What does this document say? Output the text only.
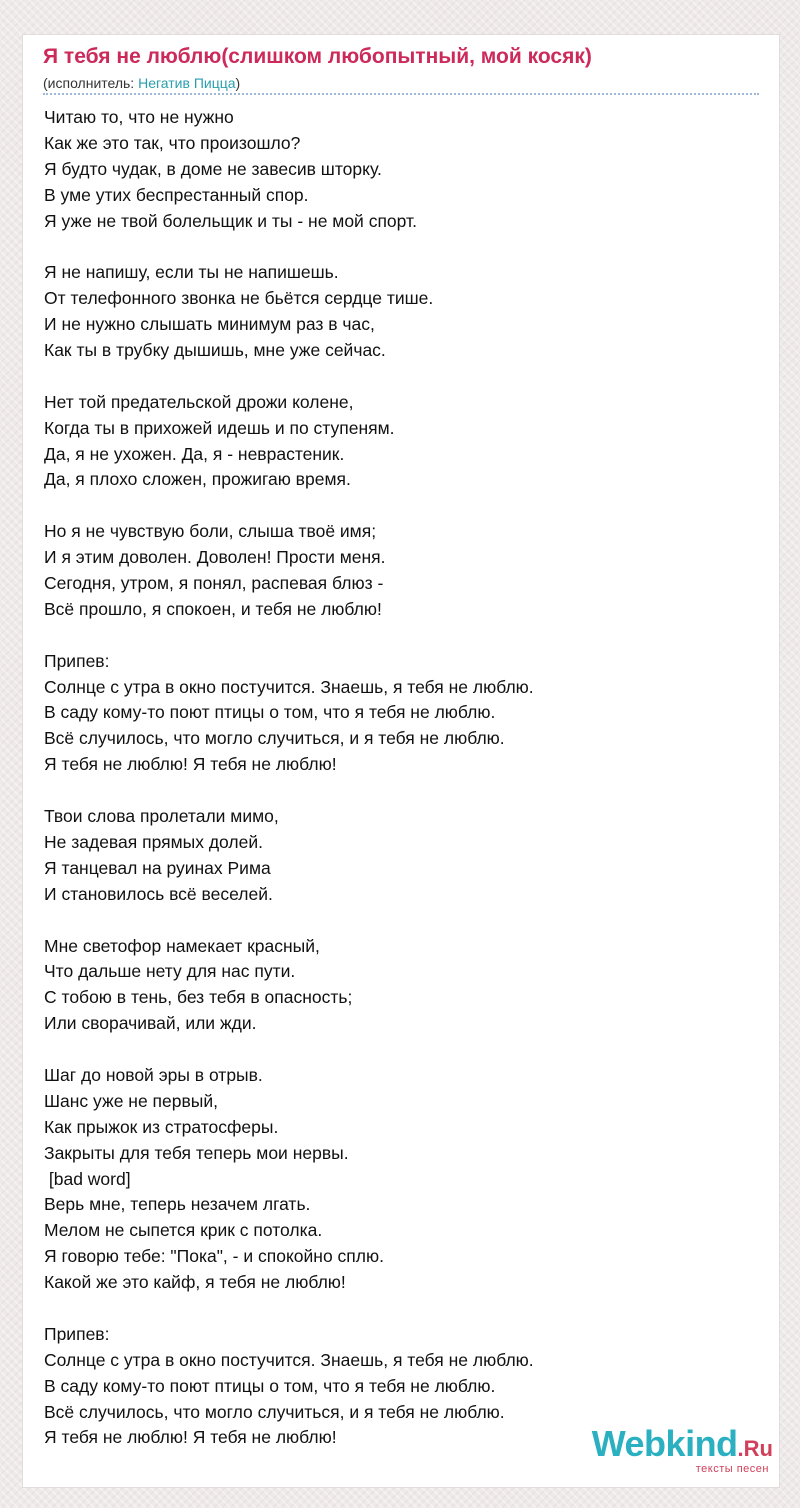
Я тебя не люблю(слишком любопытный, мой косяк)
(исполнитель: Негатив Пицца)
Читаю то, что не нужно
Как же это так, что произошло?
Я будто чудак, в доме не завесив шторку.
В уме утих беспрестанный спор.
Я уже не твой болельщик и ты - не мой спорт.
Я не напишу, если ты не напишешь.
От телефонного звонка не бьётся сердце тише.
И не нужно слышать минимум раз в час,
Как ты в трубку дышишь, мне уже сейчас.
Нет той предательской дрожи колене,
Когда ты в прихожей идешь и по ступеням.
Да, я не ухожен. Да, я - неврастеник.
Да, я плохо сложен, прожигаю время.
Но я не чувствую боли, слыша твоё имя;
И я этим доволен. Доволен! Прости меня.
Сегодня, утром, я понял, распевая блюз -
Всё прошло, я спокоен, и тебя не люблю!
Припев:
Солнце с утра в окно постучится. Знаешь, я тебя не люблю.
В саду кому-то поют птицы о том, что я тебя не люблю.
Всё случилось, что могло случиться, и я тебя не люблю.
Я тебя не люблю! Я тебя не люблю!
Твои слова пролетали мимо,
Не задевая прямых долей.
Я танцевал на руинах Рима
И становилось всё веселей.
Мне светофор намекает красный,
Что дальше нету для нас пути.
С тобою в тень, без тебя в опасность;
Или сворачивай, или жди.
Шаг до новой эры в отрыв.
Шанс уже не первый,
Как прыжок из стратосферы.
Закрыты для тебя теперь мои нервы.
[bad word]
Верь мне, теперь незачем лгать.
Мелом не сыпется крик с потолка.
Я говорю тебе: "Пока", - и спокойно сплю.
Какой же это кайф, я тебя не люблю!
Припев:
Солнце с утра в окно постучится. Знаешь, я тебя не люблю.
В саду кому-то поют птицы о том, что я тебя не люблю.
Всё случилось, что могло случиться, и я тебя не люблю.
Я тебя не люблю! Я тебя не люблю!	Webkind.Ru
тексты песен
